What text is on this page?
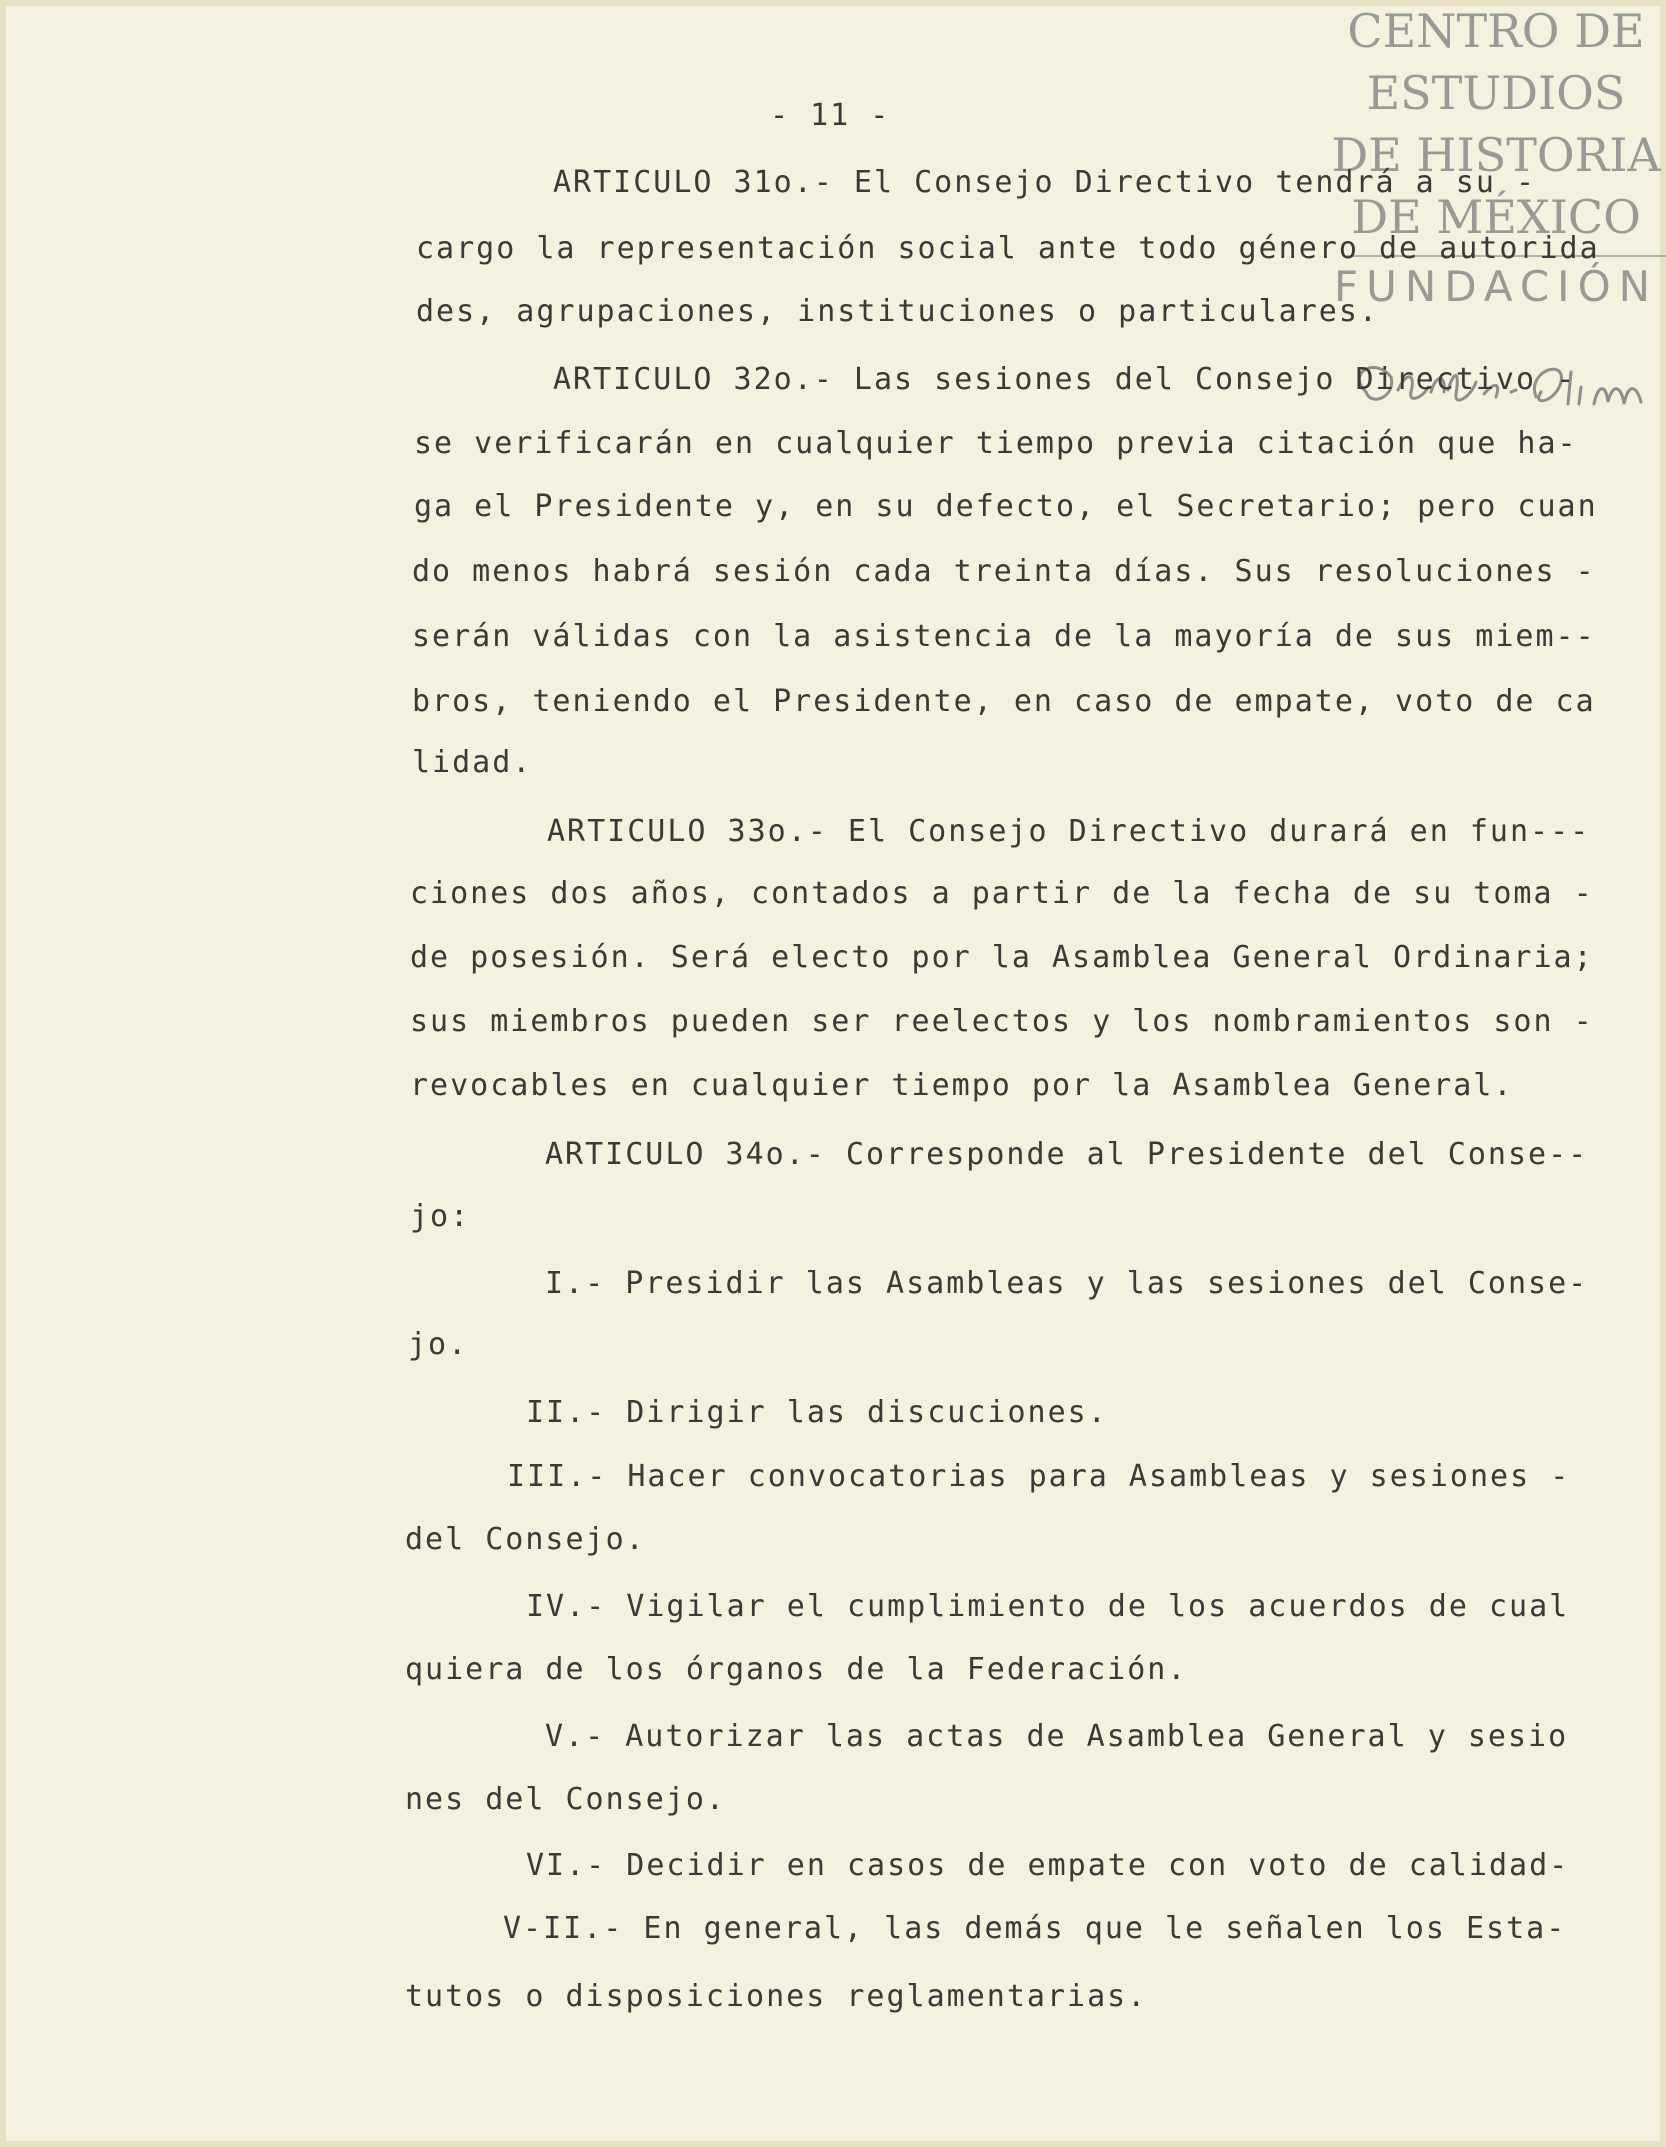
CENTRO DE
ESTUDIOS
DE HISTORIA
DE MÉXICO
FUNDACIÓN
- 11 -
ARTICULO 31o.- El Consejo Directivo tendrá a su -
cargo la representación social ante todo género de autorida
des, agrupaciones, instituciones o particulares.
ARTICULO 32o.- Las sesiones del Consejo Directivo -
se verificarán en cualquier tiempo previa citación que ha-
ga el Presidente y, en su defecto, el Secretario; pero cuan
do menos habrá sesión cada treinta días. Sus resoluciones -
serán válidas con la asistencia de la mayoría de sus miem--
bros, teniendo el Presidente, en caso de empate, voto de ca
lidad.
ARTICULO 33o.- El Consejo Directivo durará en fun---
ciones dos años, contados a partir de la fecha de su toma -
de posesión. Será electo por la Asamblea General Ordinaria;
sus miembros pueden ser reelectos y los nombramientos son -
revocables en cualquier tiempo por la Asamblea General.
ARTICULO 34o.- Corresponde al Presidente del Conse--
jo:
I.- Presidir las Asambleas y las sesiones del Conse-
jo.
II.- Dirigir las discuciones.
III.- Hacer convocatorias para Asambleas y sesiones -
del Consejo.
IV.- Vigilar el cumplimiento de los acuerdos de cual
quiera de los órganos de la Federación.
V.- Autorizar las actas de Asamblea General y sesio
nes del Consejo.
VI.- Decidir en casos de empate con voto de calidad-
V-II.- En general, las demás que le señalen los Esta-
tutos o disposiciones reglamentarias.
